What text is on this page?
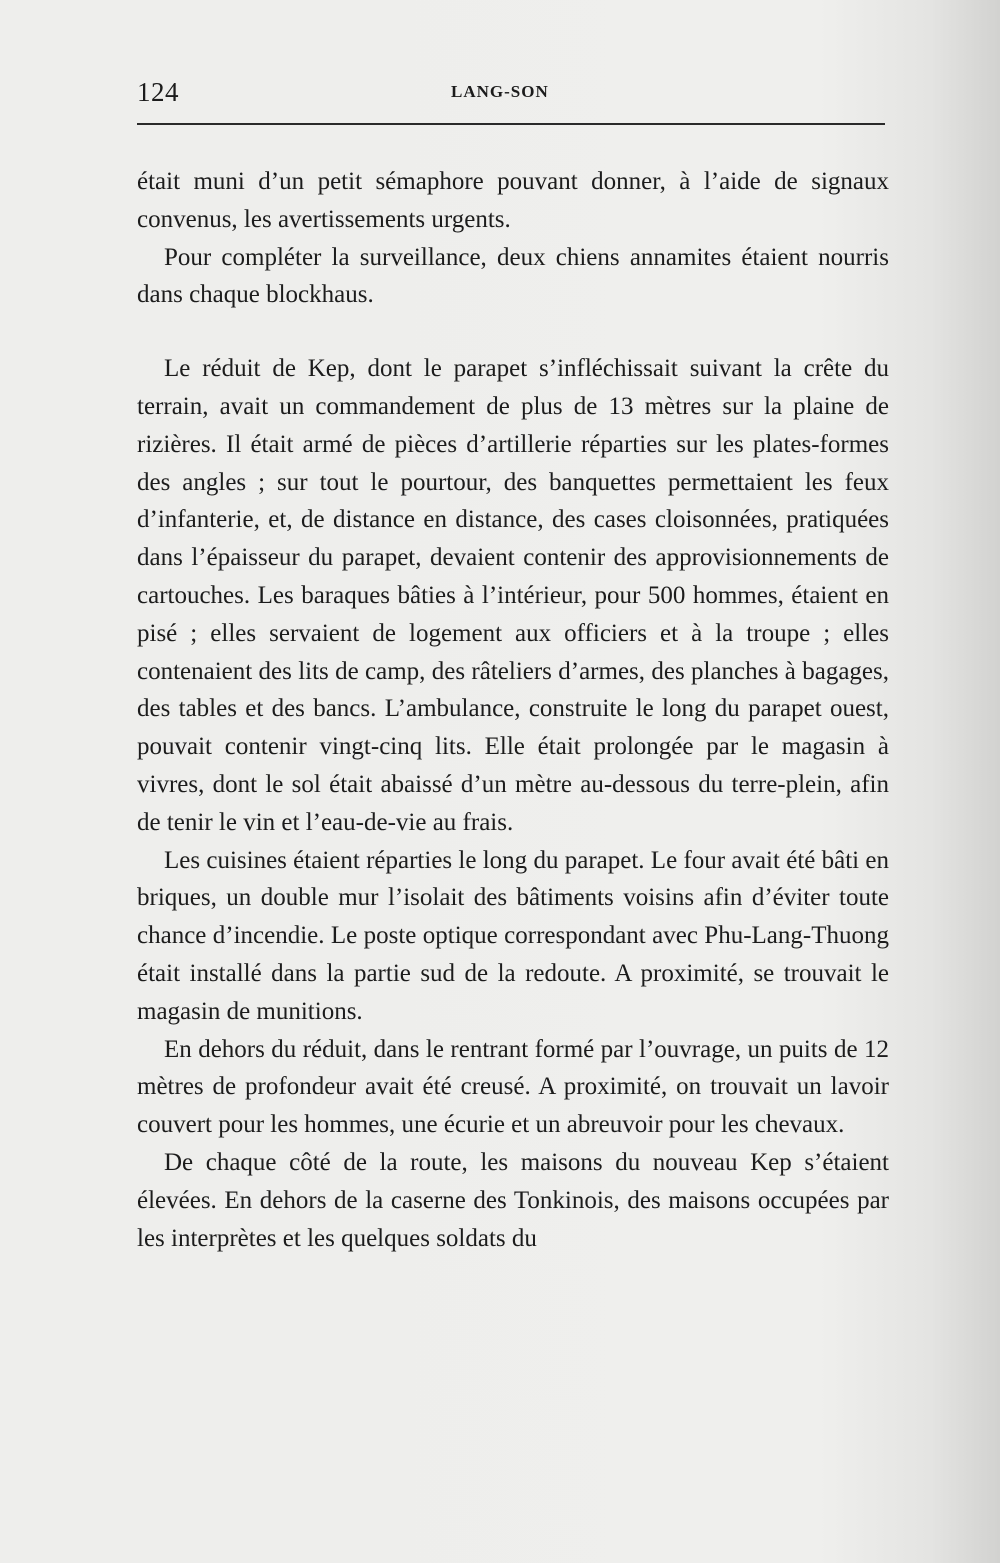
124	LANG-SON

était muni d’un petit sémaphore pouvant donner, à l’aide de signaux convenus, les avertissements urgents.

Pour compléter la surveillance, deux chiens annamites étaient nourris dans chaque blockhaus.

Le réduit de Kep, dont le parapet s’infléchissait suivant la crête du terrain, avait un commandement de plus de 13 mètres sur la plaine de rizières. Il était armé de pièces d’artillerie réparties sur les plates-formes des angles ; sur tout le pourtour, des banquettes permettaient les feux d’infanterie, et, de distance en distance, des cases cloisonnées, pratiquées dans l’épaisseur du parapet, devaient contenir des approvisionnements de cartouches. Les baraques bâties à l’intérieur, pour 500 hommes, étaient en pisé ; elles servaient de logement aux officiers et à la troupe ; elles contenaient des lits de camp, des râteliers d’armes, des planches à bagages, des tables et des bancs. L’ambulance, construite le long du parapet ouest, pouvait contenir vingt-cinq lits. Elle était prolongée par le magasin à vivres, dont le sol était abaissé d’un mètre au-dessous du terre-plein, afin de tenir le vin et l’eau-de-vie au frais.

Les cuisines étaient réparties le long du parapet. Le four avait été bâti en briques, un double mur l’isolait des bâtiments voisins afin d’éviter toute chance d’incendie. Le poste optique correspondant avec Phu-Lang-Thuong était installé dans la partie sud de la redoute. A proximité, se trouvait le magasin de munitions.

En dehors du réduit, dans le rentrant formé par l’ouvrage, un puits de 12 mètres de profondeur avait été creusé. A proximité, on trouvait un lavoir couvert pour les hommes, une écurie et un abreuvoir pour les chevaux.

De chaque côté de la route, les maisons du nouveau Kep s’étaient élevées. En dehors de la caserne des Tonkinois, des maisons occupées par les interprètes et les quelques soldats du
